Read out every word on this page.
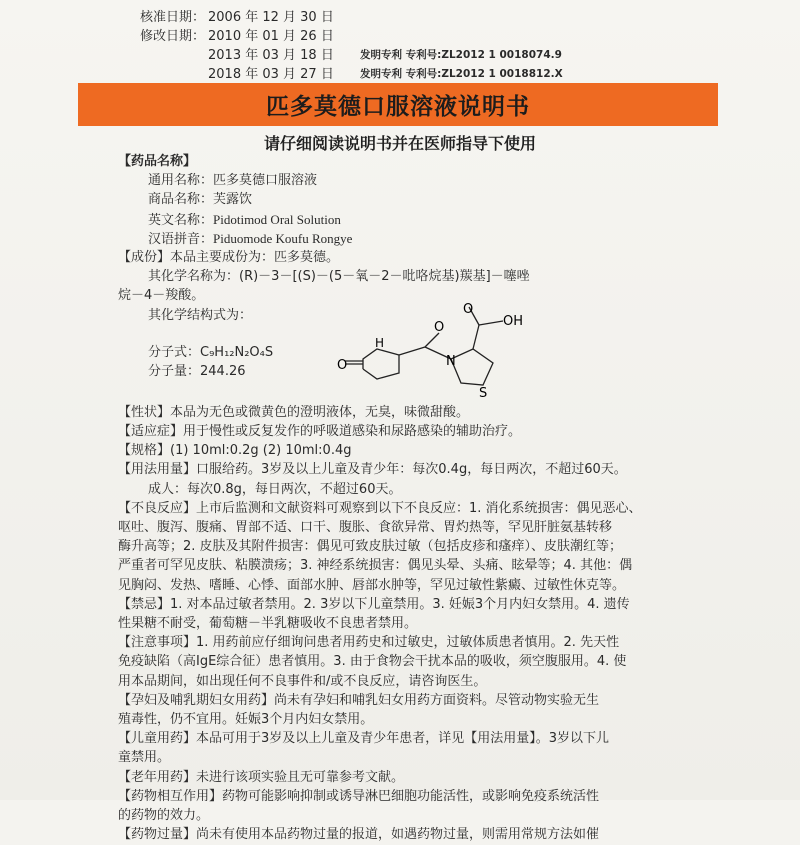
核准日期： 2006 年 12 月 30 日
修改日期： 2010 年 01 月 26 日
2013 年 03 月 18 日	发明专利 专利号:ZL2012 1 0018074.9
2018 年 03 月 27 日	发明专利 专利号:ZL2012 1 0018812.X
匹多莫德口服溶液说明书
请仔细阅读说明书并在医师指导下使用
【药品名称】
通用名称：匹多莫德口服溶液
商品名称：芙露饮
英文名称：Pidotimod Oral Solution
汉语拼音：Piduomode Koufu Rongye
【成份】本品主要成份为：匹多莫德。
其化学名称为：(R)－3－[(S)－(5－氧－2－吡咯烷基)羰基]－噻唑
烷－4－羧酸。
其化学结构式为：
分子式：C₉H₁₂N₂O₄S
分子量：244.26	O
H
O
N
S
O
OH
【性状】本品为无色或微黄色的澄明液体，无臭，味微甜酸。
【适应症】用于慢性或反复发作的呼吸道感染和尿路感染的辅助治疗。
【规格】(1) 10ml:0.2g (2) 10ml:0.4g
【用法用量】口服给药。3岁及以上儿童及青少年：每次0.4g，每日两次，不超过60天。
成人：每次0.8g，每日两次，不超过60天。
【不良反应】上市后监测和文献资料可观察到以下不良反应：1. 消化系统损害：偶见恶心、
呕吐、腹泻、腹痛、胃部不适、口干、腹胀、食欲异常、胃灼热等，罕见肝脏氨基转移
酶升高等；2. 皮肤及其附件损害：偶见可致皮肤过敏（包括皮疹和瘙痒）、皮肤潮红等；
严重者可罕见皮肤、粘膜溃疡；3. 神经系统损害：偶见头晕、头痛、眩晕等；4. 其他：偶
见胸闷、发热、嗜睡、心悸、面部水肿、唇部水肿等，罕见过敏性紫癜、过敏性休克等。
【禁忌】1. 对本品过敏者禁用。2. 3岁以下儿童禁用。3. 妊娠3个月内妇女禁用。4. 遗传
性果糖不耐受，葡萄糖－半乳糖吸收不良患者禁用。
【注意事项】1. 用药前应仔细询问患者用药史和过敏史，过敏体质患者慎用。2. 先天性
免疫缺陷（高IgE综合征）患者慎用。3. 由于食物会干扰本品的吸收，须空腹服用。4. 使
用本品期间，如出现任何不良事件和/或不良反应，请咨询医生。
【孕妇及哺乳期妇女用药】尚未有孕妇和哺乳妇女用药方面资料。尽管动物实验无生
殖毒性，仍不宜用。妊娠3个月内妇女禁用。
【儿童用药】本品可用于3岁及以上儿童及青少年患者，详见【用法用量】。3岁以下儿
童禁用。
【老年用药】未进行该项实验且无可靠参考文献。
【药物相互作用】药物可能影响抑制或诱导淋巴细胞功能活性，或影响免疫系统活性
的药物的效力。
【药物过量】尚未有使用本品药物过量的报道，如遇药物过量，则需用常规方法如催
